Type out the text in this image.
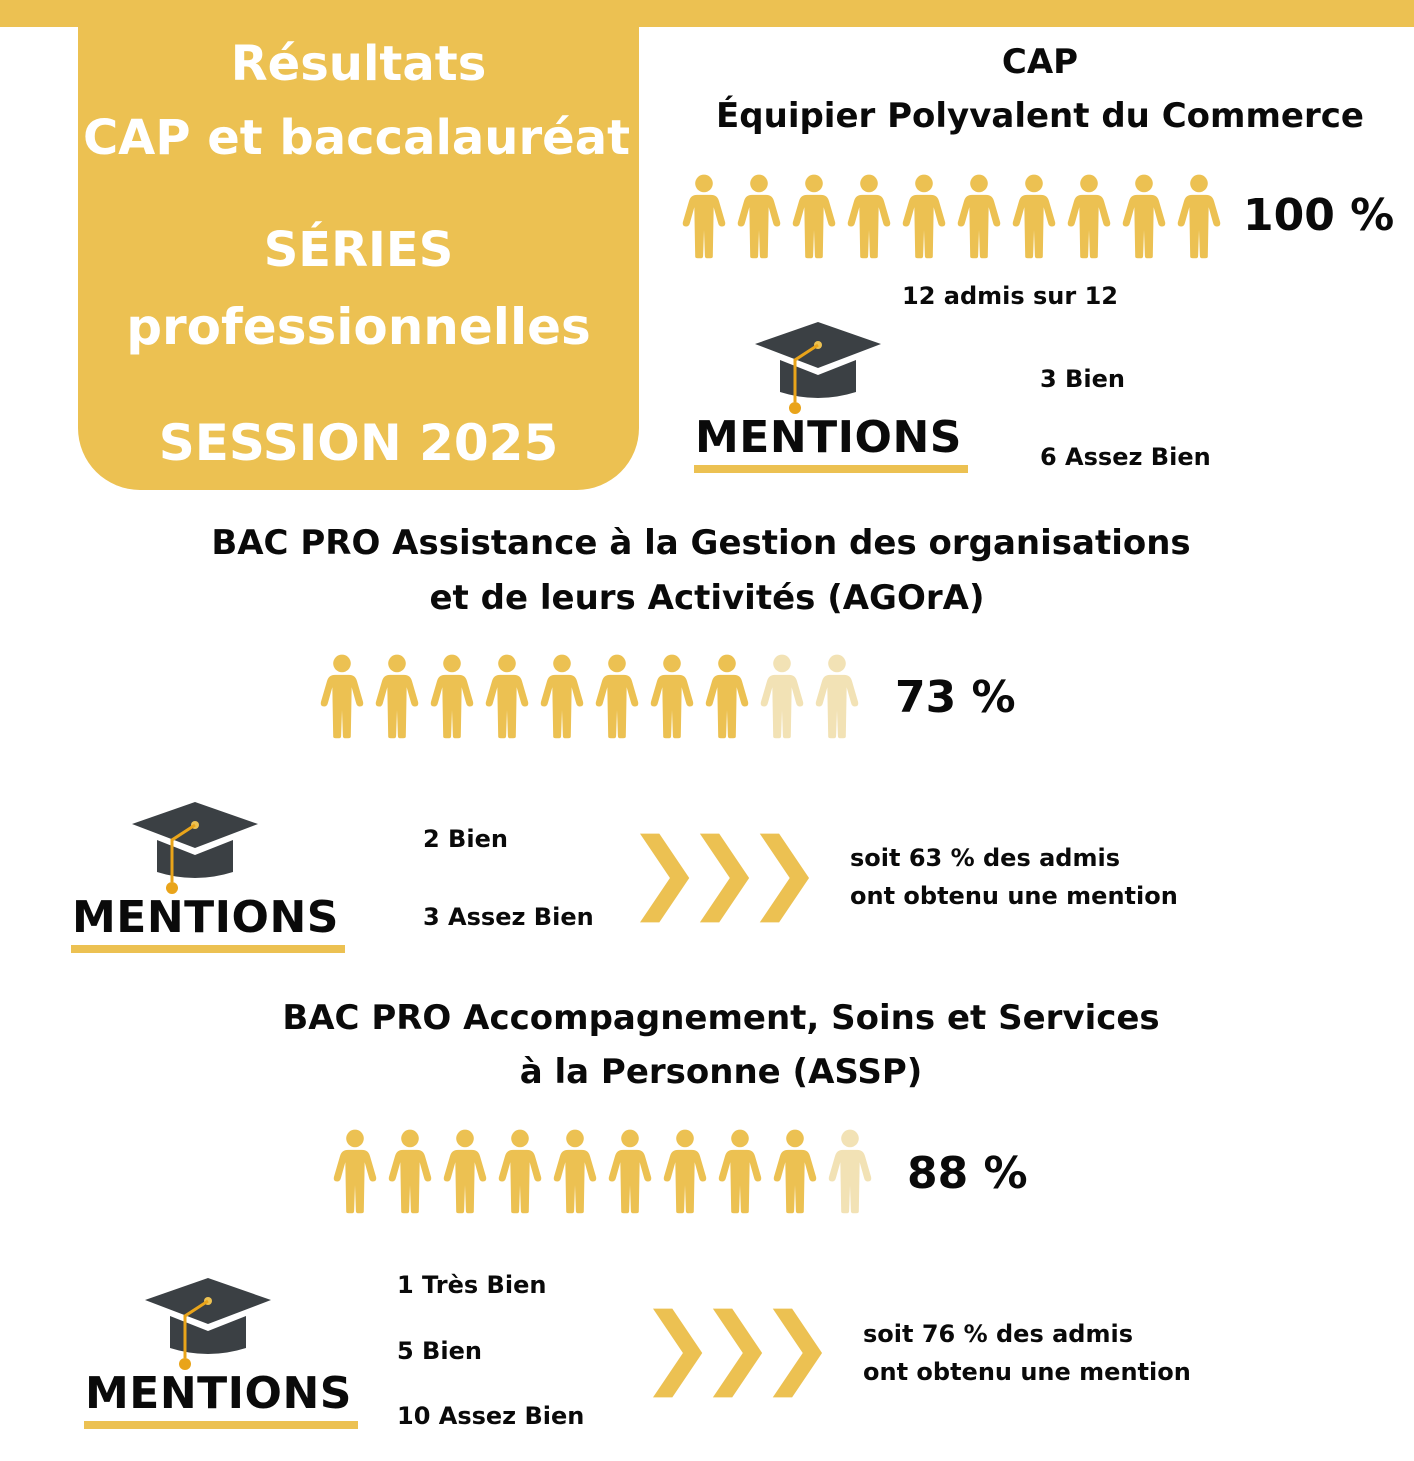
Résultats
CAP et baccalauréat
SÉRIES
professionnelles
SESSION 2025
CAP
Équipier Polyvalent du Commerce
100 %
12 admis sur 12
MENTIONS
3 Bien
6 Assez Bien
BAC PRO Assistance à la Gestion des organisations
et de leurs Activités (AGOrA)
73 %
MENTIONS
2 Bien
3 Assez Bien
soit 63 % des admis
ont obtenu une mention
BAC PRO Accompagnement, Soins et Services
à la Personne (ASSP)
88 %
MENTIONS
1 Très Bien
5 Bien
10 Assez Bien
soit 76 % des admis
ont obtenu une mention
